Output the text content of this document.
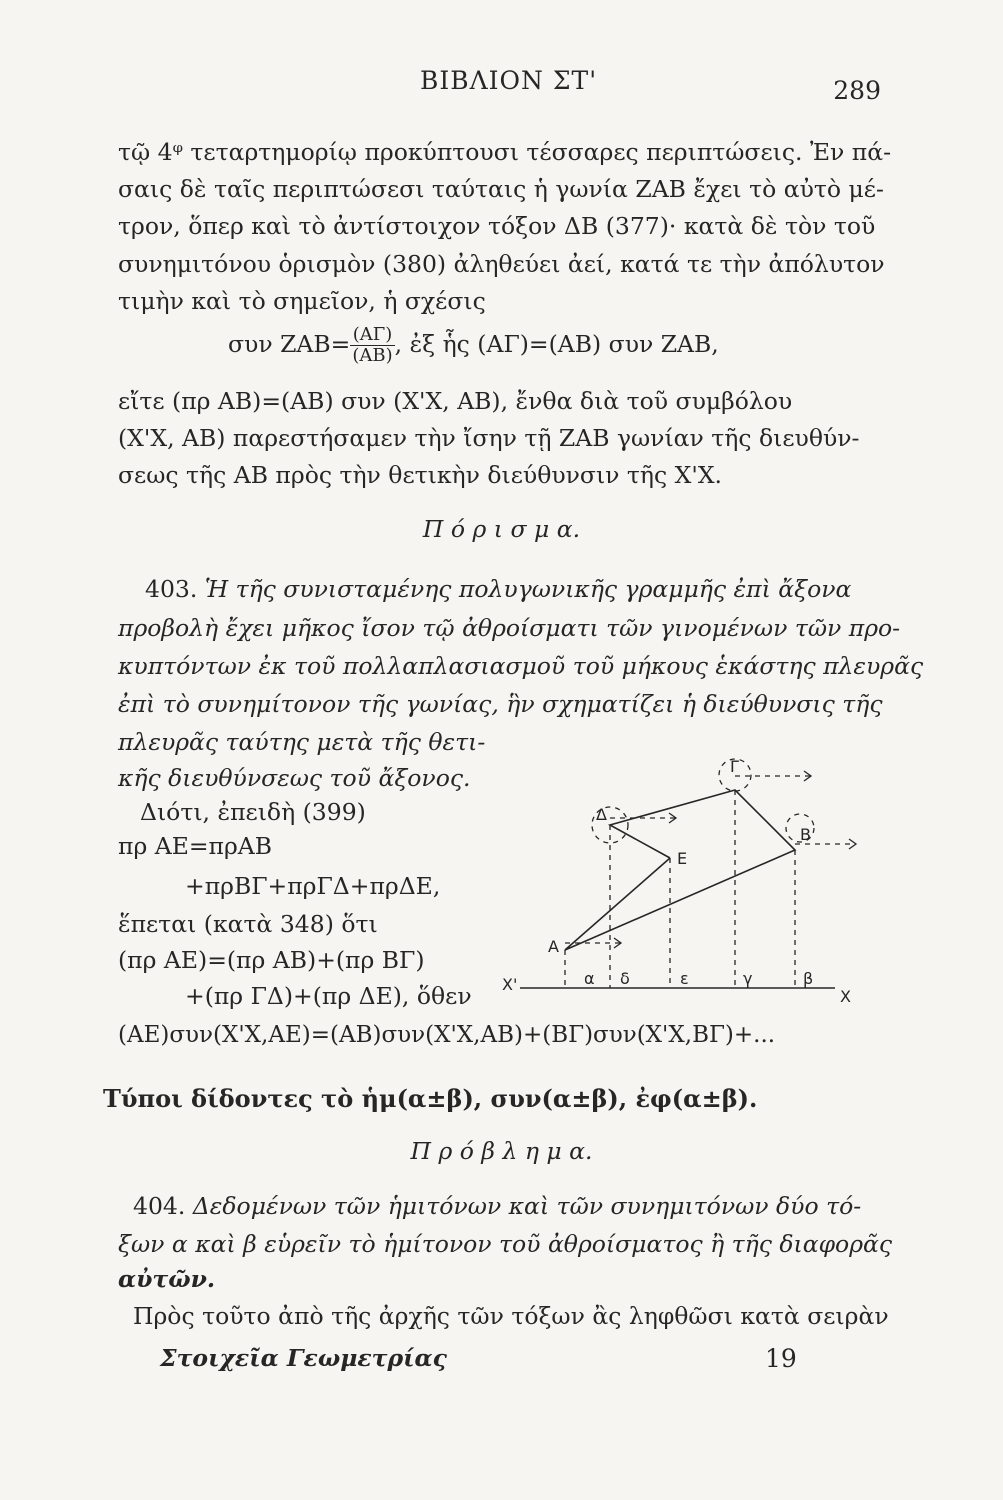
ΒΙΒΛΙΟΝ ΣΤ'	289
τῷ 4ᵠ τεταρτημορίῳ προκύπτουσι τέσσαρες περιπτώσεις. Ἐν πά-
σαις δὲ ταῖς περιπτώσεσι ταύταις ἡ γωνία ΖΑΒ ἔχει τὸ αὐτὸ μέ-
τρον, ὅπερ καὶ τὸ ἀντίστοιχον τόξον ΔΒ (377)· κατὰ δὲ τὸν τοῦ
συνημιτόνου ὁρισμὸν (380) ἀληθεύει ἀεί, κατά τε τὴν ἀπόλυτον
τιμὴν καὶ τὸ σημεῖον, ἡ σχέσις
συν $ZAB= \frac{(A\Gamma)}{(AB)}$ , ἐξ ἧς (ΑΓ)=(ΑΒ) συν ΖΑΒ,
εἴτε (πρ ΑΒ)=(ΑΒ) συν (Χ'Χ, ΑΒ), ἔνθα διὰ τοῦ συμβόλου
(Χ'Χ, ΑΒ) παρεστήσαμεν τὴν ἴσην τῇ ΖΑΒ γωνίαν τῆς διευθύν-
σεως τῆς ΑΒ πρὸς τὴν θετικὴν διεύθυνσιν τῆς Χ'Χ.
Π ό ρ ι σ μ α.
403. Ἡ τῆς συνισταμένης πολυγωνικῆς γραμμῆς ἐπὶ ἄξονα
προβολὴ ἔχει μῆκος ἴσον τῷ ἀθροίσματι τῶν γινομένων τῶν προ-
κυπτόντων ἐκ τοῦ πολλαπλασιασμοῦ τοῦ μήκους ἑκάστης πλευρᾶς
ἐπὶ τὸ συνημίτονον τῆς γωνίας, ἣν σχηματίζει ἡ διεύθυνσις τῆς
πλευρᾶς ταύτης μετὰ τῆς θετι-
κῆς διευθύνσεως τοῦ ἄξονος.
Διότι, ἐπειδὴ (399)
πρ ΑΕ=πρΑΒ
+πρΒΓ+πρΓΔ+πρΔΕ,
ἕπεται (κατὰ 348) ὅτι
(πρ ΑΕ)=(πρ ΑΒ)+(πρ ΒΓ)
+(πρ ΓΔ)+(πρ ΔΕ), ὅθεν
(ΑΕ)συν(Χ'Χ,ΑΕ)=(ΑΒ)συν(Χ'Χ,ΑΒ)+(ΒΓ)συν(Χ'Χ,ΒΓ)+...
Τύποι δίδοντες τὸ ἡμ(α±β), συν(α±β), ἐφ(α±β).
Π ρ ό β λ η μ α.
404. Δεδομένων τῶν ἡμιτόνων καὶ τῶν συνημιτόνων δύο τό-
ξων α καὶ β εὑρεῖν τὸ ἡμίτονον τοῦ ἀθροίσματος ἢ τῆς διαφορᾶς
αὐτῶν.
Πρὸς τοῦτο ἀπὸ τῆς ἀρχῆς τῶν τόξων ἂς ληφθῶσι κατὰ σειρὰν
Στοιχεῖα Γεωμετρίας	19
A
B
Γ
Δ
E
X'
X
α δ	ε	γ	β
